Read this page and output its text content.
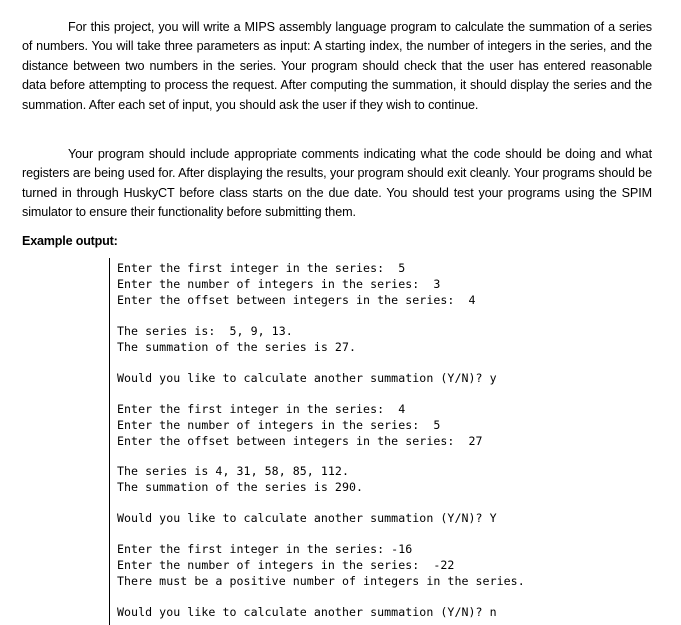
For this project, you will write a MIPS assembly language program to calculate the summation of a series of numbers. You will take three parameters as input: A starting index, the number of integers in the series, and the distance between two numbers in the series. Your program should check that the user has entered reasonable data before attempting to process the request. After computing the summation, it should display the series and the summation. After each set of input, you should ask the user if they wish to continue.

Your program should include appropriate comments indicating what the code should be doing and what registers are being used for. After displaying the results, your program should exit cleanly. Your programs should be turned in through HuskyCT before class starts on the due date. You should test your programs using the SPIM simulator to ensure their functionality before submitting them.

Example output:

Enter the first integer in the series:  5
Enter the number of integers in the series:  3
Enter the offset between integers in the series:  4
The series is:  5, 9, 13.
The summation of the series is 27.
Would you like to calculate another summation (Y/N)? y
Enter the first integer in the series:  4
Enter the number of integers in the series:  5
Enter the offset between integers in the series:  27
The series is 4, 31, 58, 85, 112.
The summation of the series is 290.
Would you like to calculate another summation (Y/N)? Y
Enter the first integer in the series: -16
Enter the number of integers in the series:  -22
There must be a positive number of integers in the series.
Would you like to calculate another summation (Y/N)? n
